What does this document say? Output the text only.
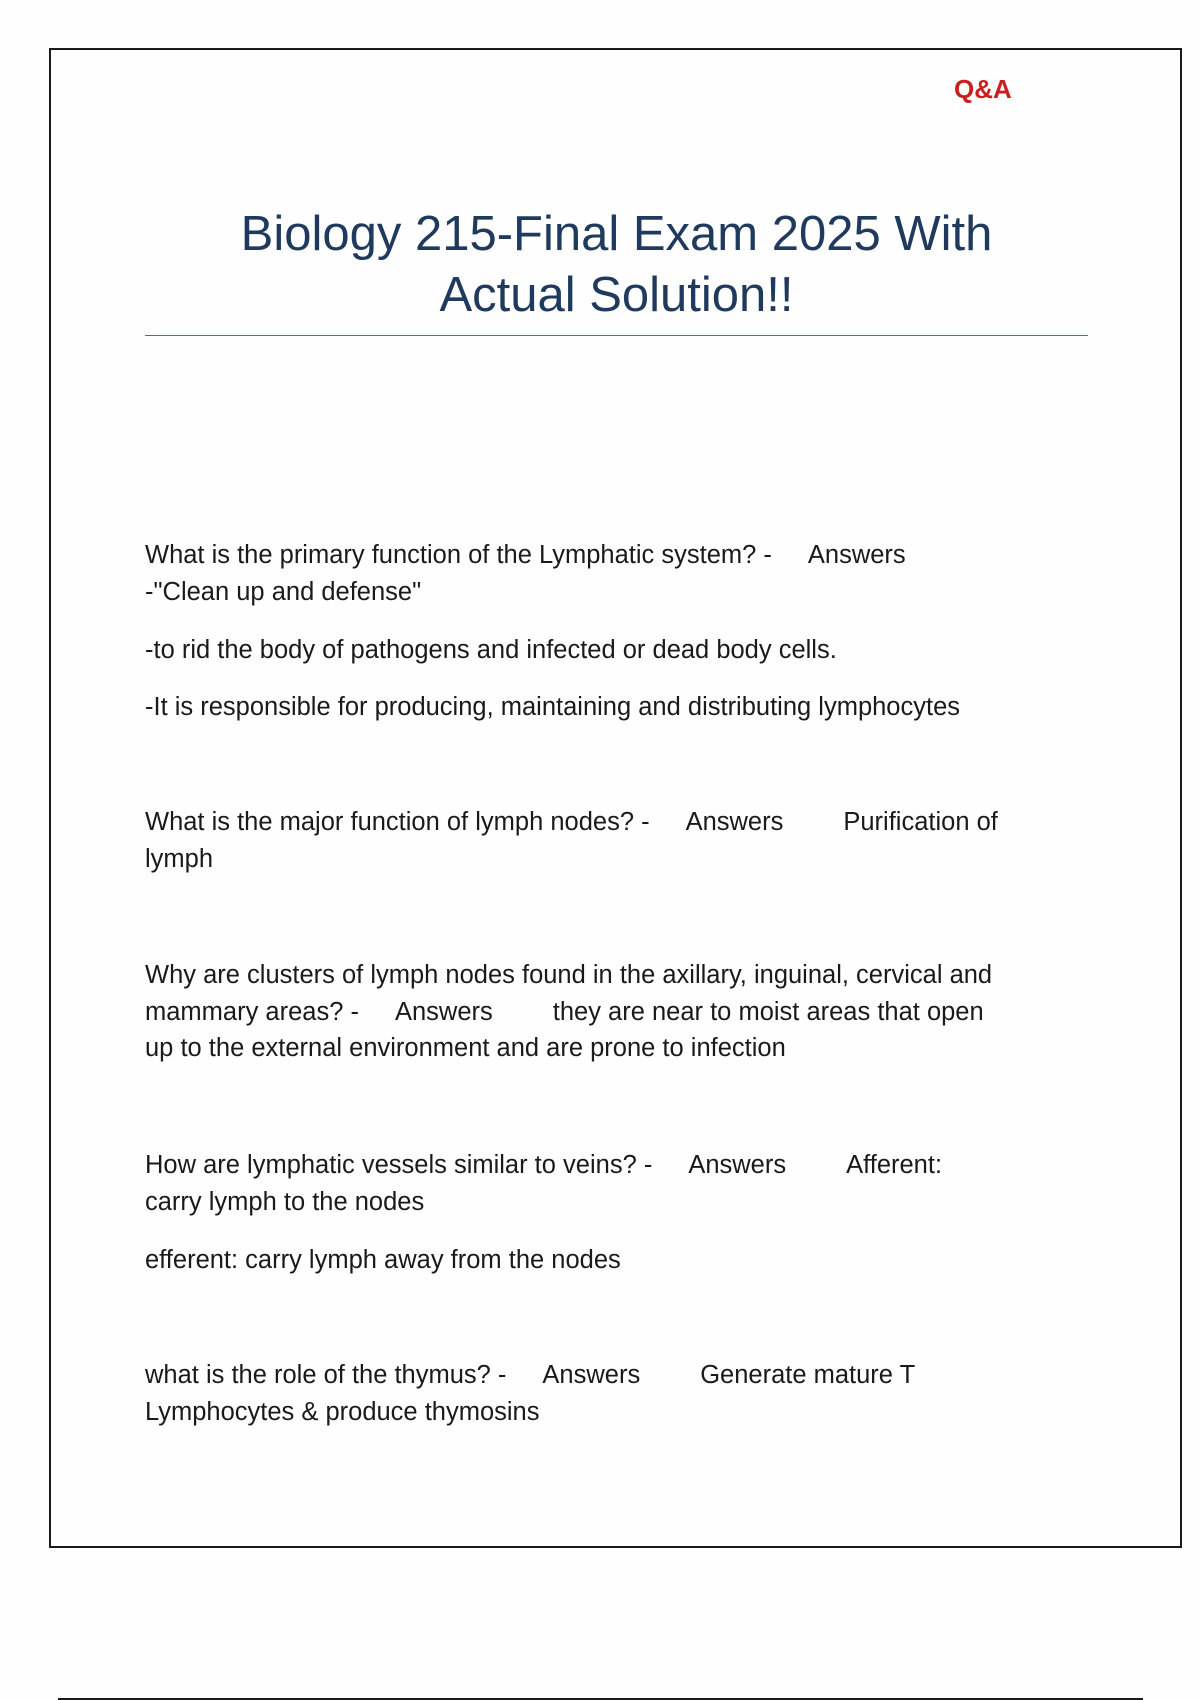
Q&A
Biology 215-Final Exam 2025 With
Actual Solution!!

What is the primary function of the Lymphatic system? - Answers

-"Clean up and defense"

-to rid the body of pathogens and infected or dead body cells.

-It is responsible for producing, maintaining and distributing lymphocytes

What is the major function of lymph nodes? - Answers Purification of

lymph

Why are clusters of lymph nodes found in the axillary, inguinal, cervical and

mammary areas? - Answers they are near to moist areas that open

up to the external environment and are prone to infection

How are lymphatic vessels similar to veins? - Answers Afferent:

carry lymph to the nodes

efferent: carry lymph away from the nodes

what is the role of the thymus? - Answers Generate mature T

Lymphocytes & produce thymosins
